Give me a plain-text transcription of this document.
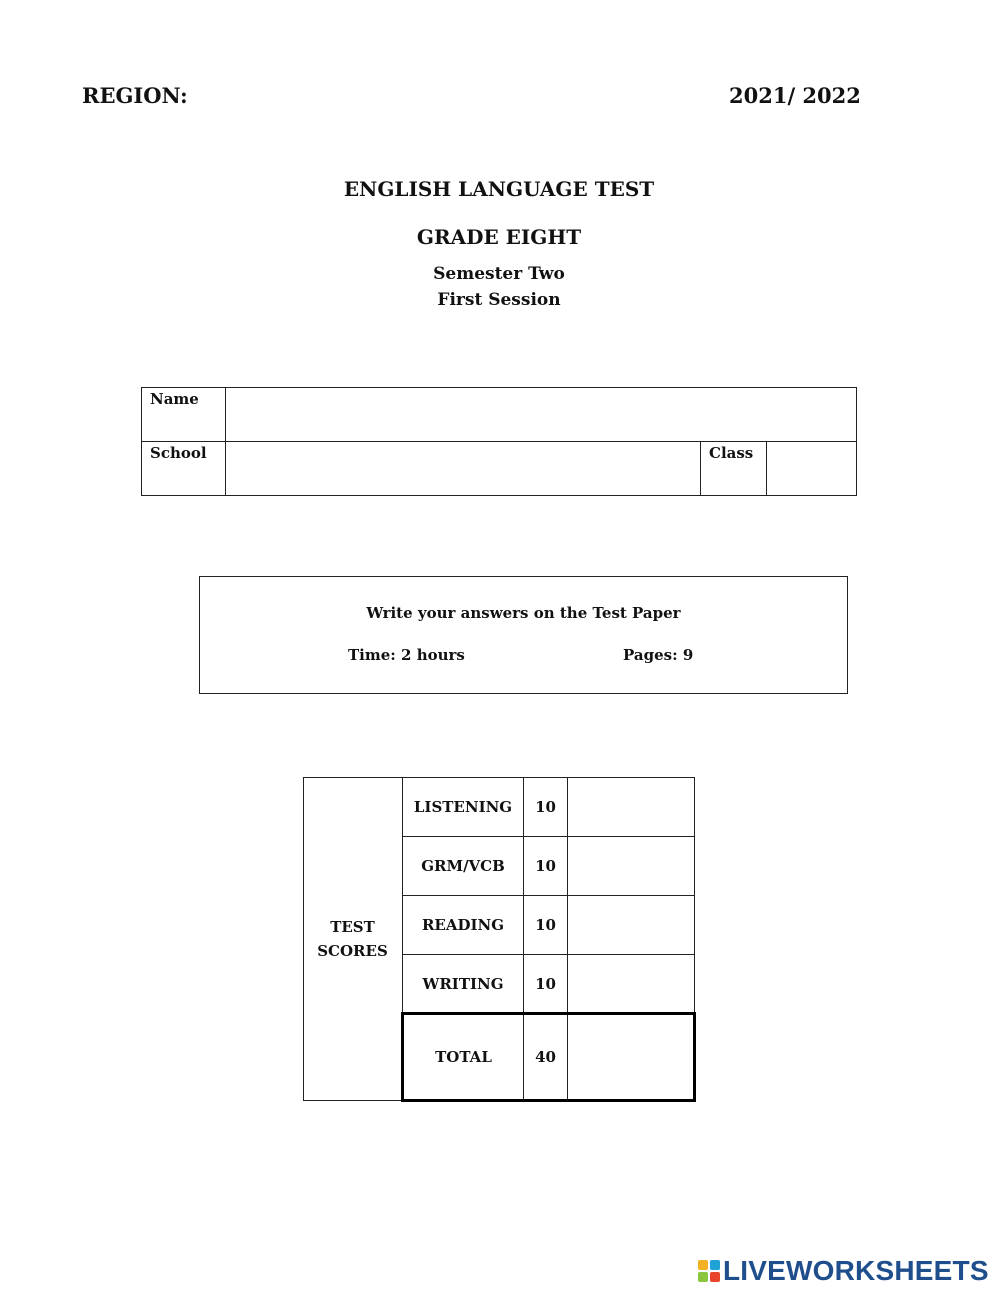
REGION:	2021/ 2022
ENGLISH LANGUAGE TEST
GRADE EIGHT
Semester Two
First Session
Name			
School		Class	
Write your answers on the Test Paper
Time: 2 hours	Pages: 9
TEST
SCORES	LISTENING	10	
	GRM/VCB	10	
	READING	10	
	WRITING	10	
	TOTAL	40	
LIVEWORKSHEETS
